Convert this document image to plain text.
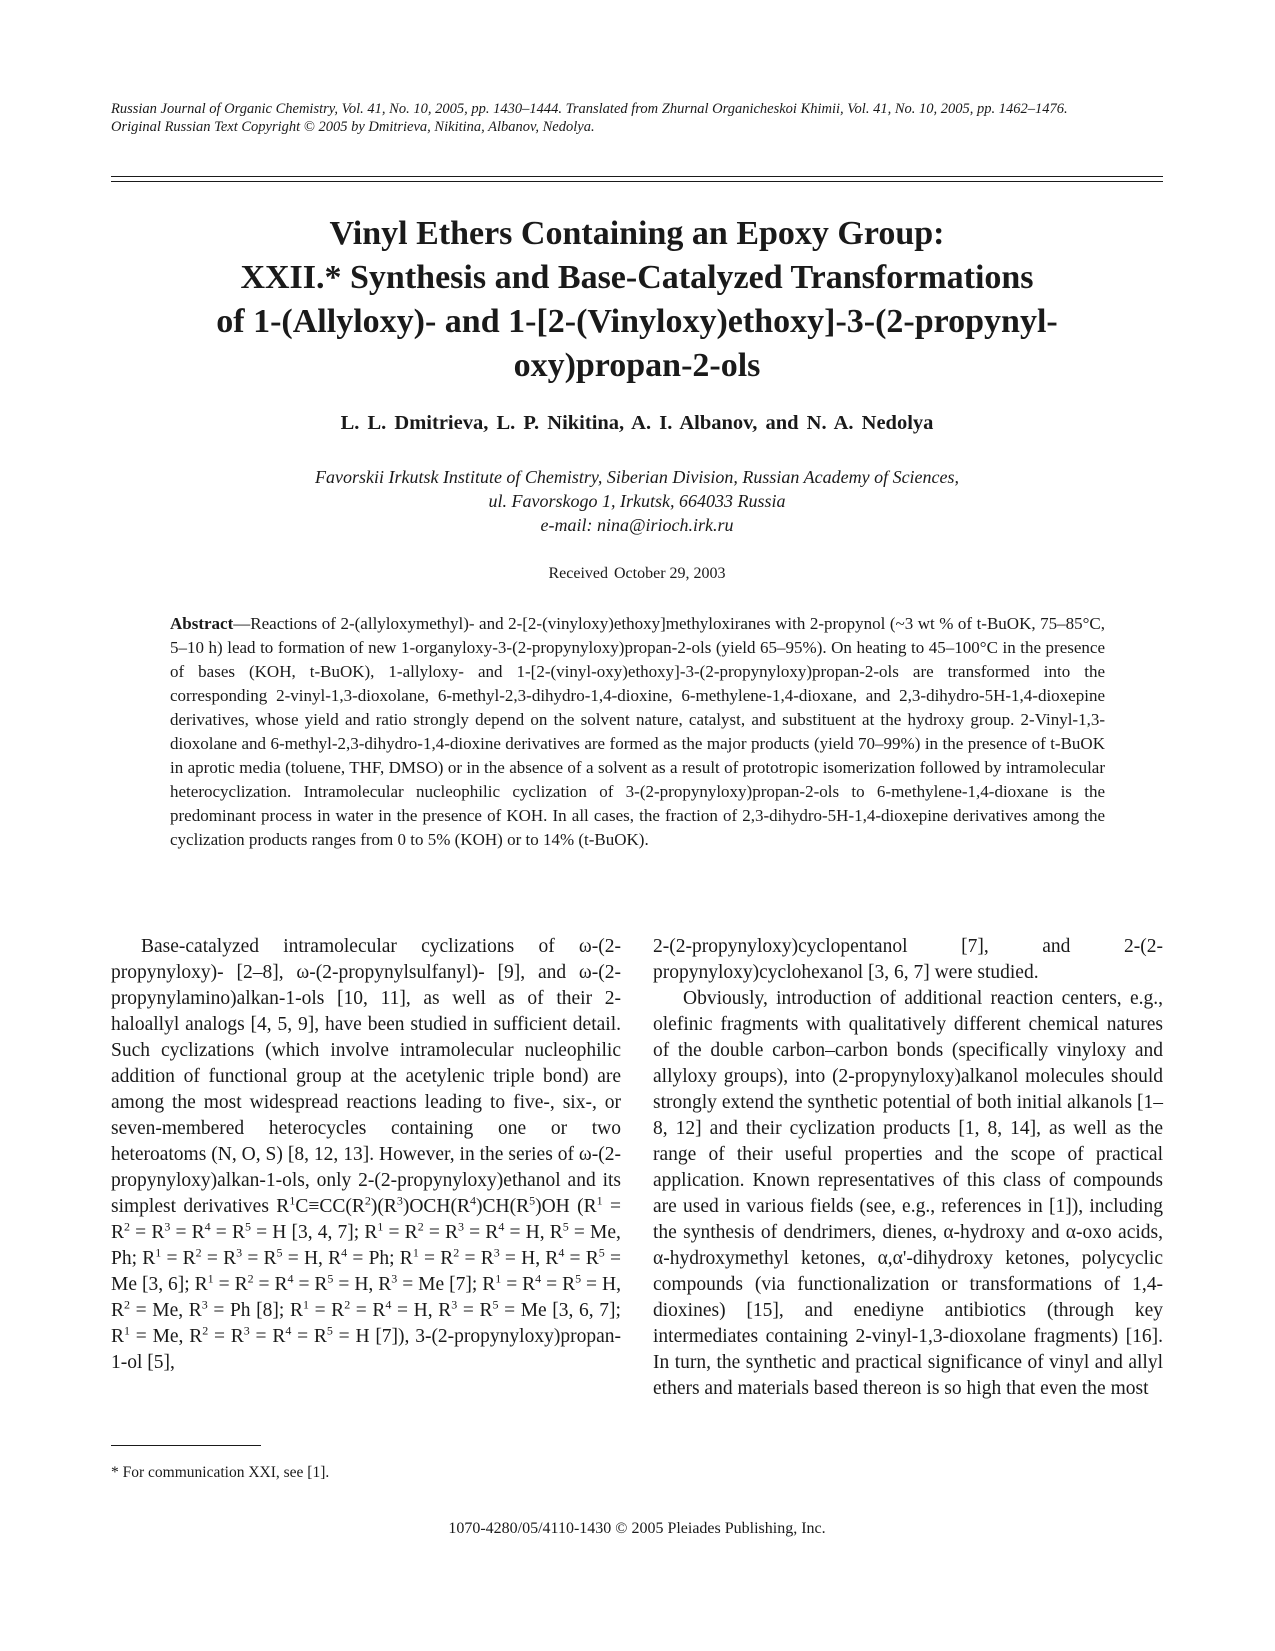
Russian Journal of Organic Chemistry, Vol. 41, No. 10, 2005, pp. 1430–1444. Translated from Zhurnal Organicheskoi Khimii, Vol. 41, No. 10, 2005, pp. 1462–1476.
Original Russian Text Copyright © 2005 by Dmitrieva, Nikitina, Albanov, Nedolya.
Vinyl Ethers Containing an Epoxy Group:
XXII.* Synthesis and Base-Catalyzed Transformations
of 1-(Allyloxy)- and 1-[2-(Vinyloxy)ethoxy]-3-(2-propynyl-
oxy)propan-2-ols
L. L. Dmitrieva, L. P. Nikitina, A. I. Albanov, and N. A. Nedolya
Favorskii Irkutsk Institute of Chemistry, Siberian Division, Russian Academy of Sciences,
ul. Favorskogo 1, Irkutsk, 664033 Russia
e-mail: nina@irioch.irk.ru
Received October 29, 2003
Abstract—Reactions of 2-(allyloxymethyl)- and 2-[2-(vinyloxy)ethoxy]methyloxiranes with 2-propynol (~3 wt % of t-BuOK, 75–85°C, 5–10 h) lead to formation of new 1-organyloxy-3-(2-propynyloxy)propan-2-ols (yield 65–95%). On heating to 45–100°C in the presence of bases (KOH, t-BuOK), 1-allyloxy- and 1-[2-(vinyl-oxy)ethoxy]-3-(2-propynyloxy)propan-2-ols are transformed into the corresponding 2-vinyl-1,3-dioxolane, 6-methyl-2,3-dihydro-1,4-dioxine, 6-methylene-1,4-dioxane, and 2,3-dihydro-5H-1,4-dioxepine derivatives, whose yield and ratio strongly depend on the solvent nature, catalyst, and substituent at the hydroxy group. 2-Vinyl-1,3-dioxolane and 6-methyl-2,3-dihydro-1,4-dioxine derivatives are formed as the major products (yield 70–99%) in the presence of t-BuOK in aprotic media (toluene, THF, DMSO) or in the absence of a solvent as a result of prototropic isomerization followed by intramolecular heterocyclization. Intramolecular nucleophilic cyclization of 3-(2-propynyloxy)propan-2-ols to 6-methylene-1,4-dioxane is the predominant process in water in the presence of KOH. In all cases, the fraction of 2,3-dihydro-5H-1,4-dioxepine derivatives among the cyclization products ranges from 0 to 5% (KOH) or to 14% (t-BuOK).

Base-catalyzed intramolecular cyclizations of ω-(2-propynyloxy)- [2–8], ω-(2-propynylsulfanyl)- [9], and ω-(2-propynylamino)alkan-1-ols [10, 11], as well as of their 2-haloallyl analogs [4, 5, 9], have been studied in sufficient detail. Such cyclizations (which involve intramolecular nucleophilic addition of functional group at the acetylenic triple bond) are among the most widespread reactions leading to five-, six-, or seven-membered heterocycles containing one or two heteroatoms (N, O, S) [8, 12, 13]. However, in the series of ω-(2-propynyloxy)alkan-1-ols, only 2-(2-propynyloxy)ethanol and its simplest derivatives $R^1C\equiv CC(R^2)(R^3)OCH(R^4)CH(R^5)OH$ ($R^1 = R^2 = R^3 = R^4 = R^5 = H$ [3, 4, 7]; $R^1 = R^2 = R^3 = R^4 = H$, $R^5 = Me$, Ph; $R^1 = R^2 = R^3 = R^5 = H$, $R^4 = Ph$; $R^1 = R^2 = R^3 = H$, $R^4 = R^5 = Me$ [3, 6]; $R^1 = R^2 = R^4 = R^5 = H$, $R^3 = Me$ [7]; $R^1 = R^4 = R^5 = H$, $R^2 = Me$, $R^3 = Ph$ [8]; $R^1 = R^2 = R^4 = H$, $R^3 = R^5 = Me$ [3, 6, 7]; $R^1 = Me$, $R^2 = R^3 = R^4 = R^5 = H$ [7]), 3-(2-propynyloxy)propan-1-ol [5],

2-(2-propynyloxy)cyclopentanol [7], and 2-(2-propynyloxy)cyclohexanol [3, 6, 7] were studied.

Obviously, introduction of additional reaction centers, e.g., olefinic fragments with qualitatively different chemical natures of the double carbon–carbon bonds (specifically vinyloxy and allyloxy groups), into (2-propynyloxy)alkanol molecules should strongly extend the synthetic potential of both initial alkanols [1–8, 12] and their cyclization products [1, 8, 14], as well as the range of their useful properties and the scope of practical application. Known representatives of this class of compounds are used in various fields (see, e.g., references in [1]), including the synthesis of dendrimers, dienes, α-hydroxy and α-oxo acids, α-hydroxymethyl ketones, α,α'-dihydroxy ketones, polycyclic compounds (via functionalization or transformations of 1,4-dioxines) [15], and enediyne antibiotics (through key intermediates containing 2-vinyl-1,3-dioxolane fragments) [16]. In turn, the synthetic and practical significance of vinyl and allyl ethers and materials based thereon is so high that even the most

* For communication XXI, see [1].
1070-4280/05/4110-1430 © 2005 Pleiades Publishing, Inc.
